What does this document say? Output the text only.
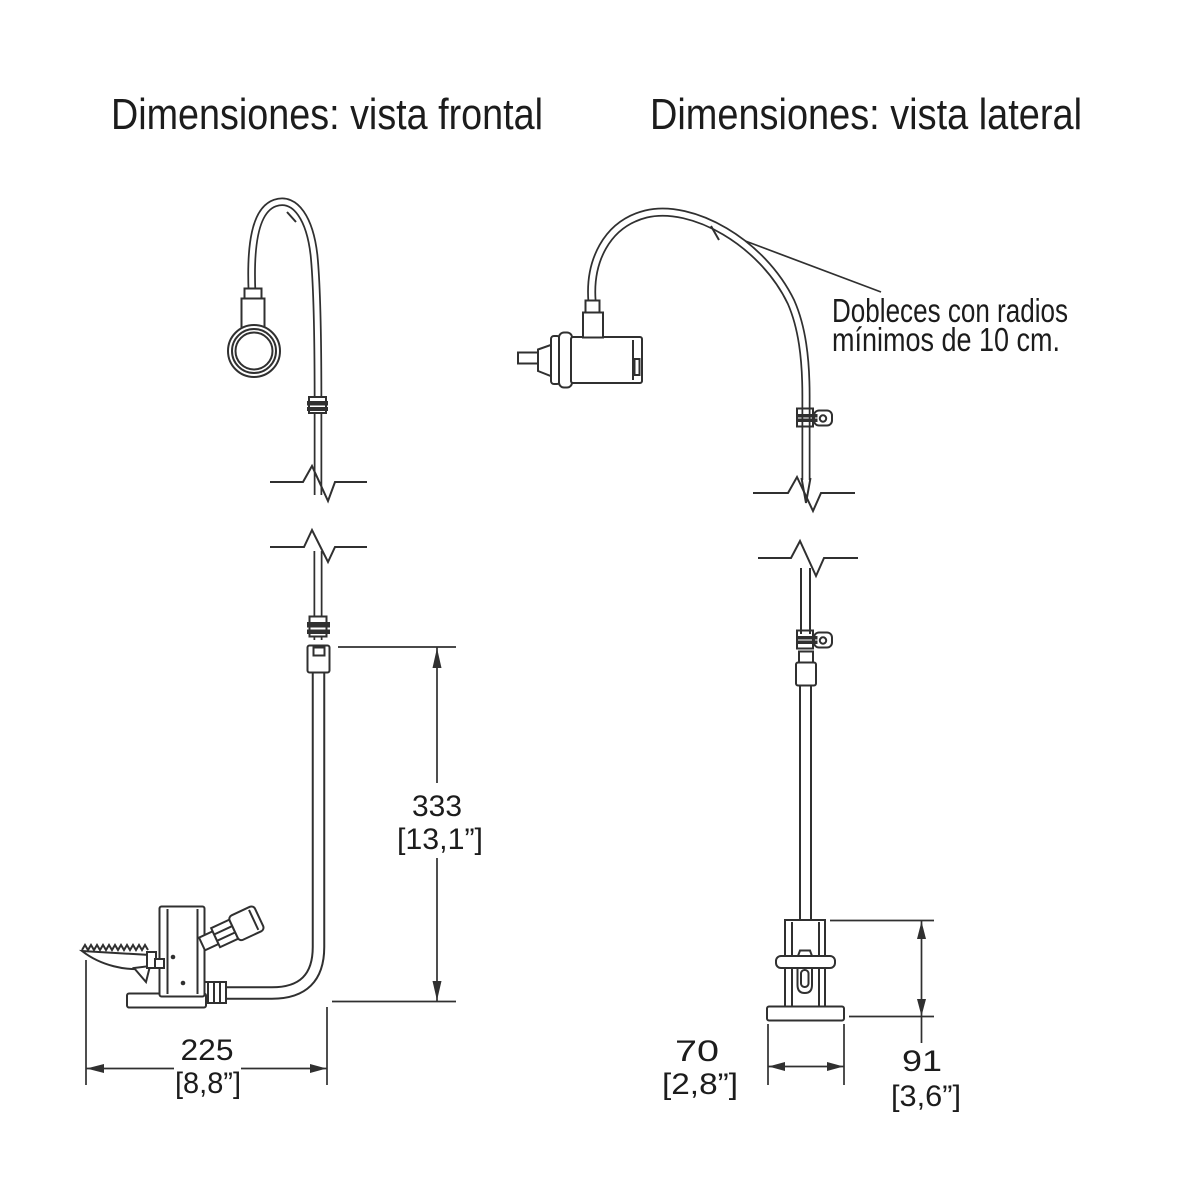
Dimensiones: vista frontal
333
[13,1”]
225
[8,8”]
Dimensiones: vista lateral
Dobleces con radios
mínimos de 10 cm.
70
[2,8”]
91
[3,6”]
